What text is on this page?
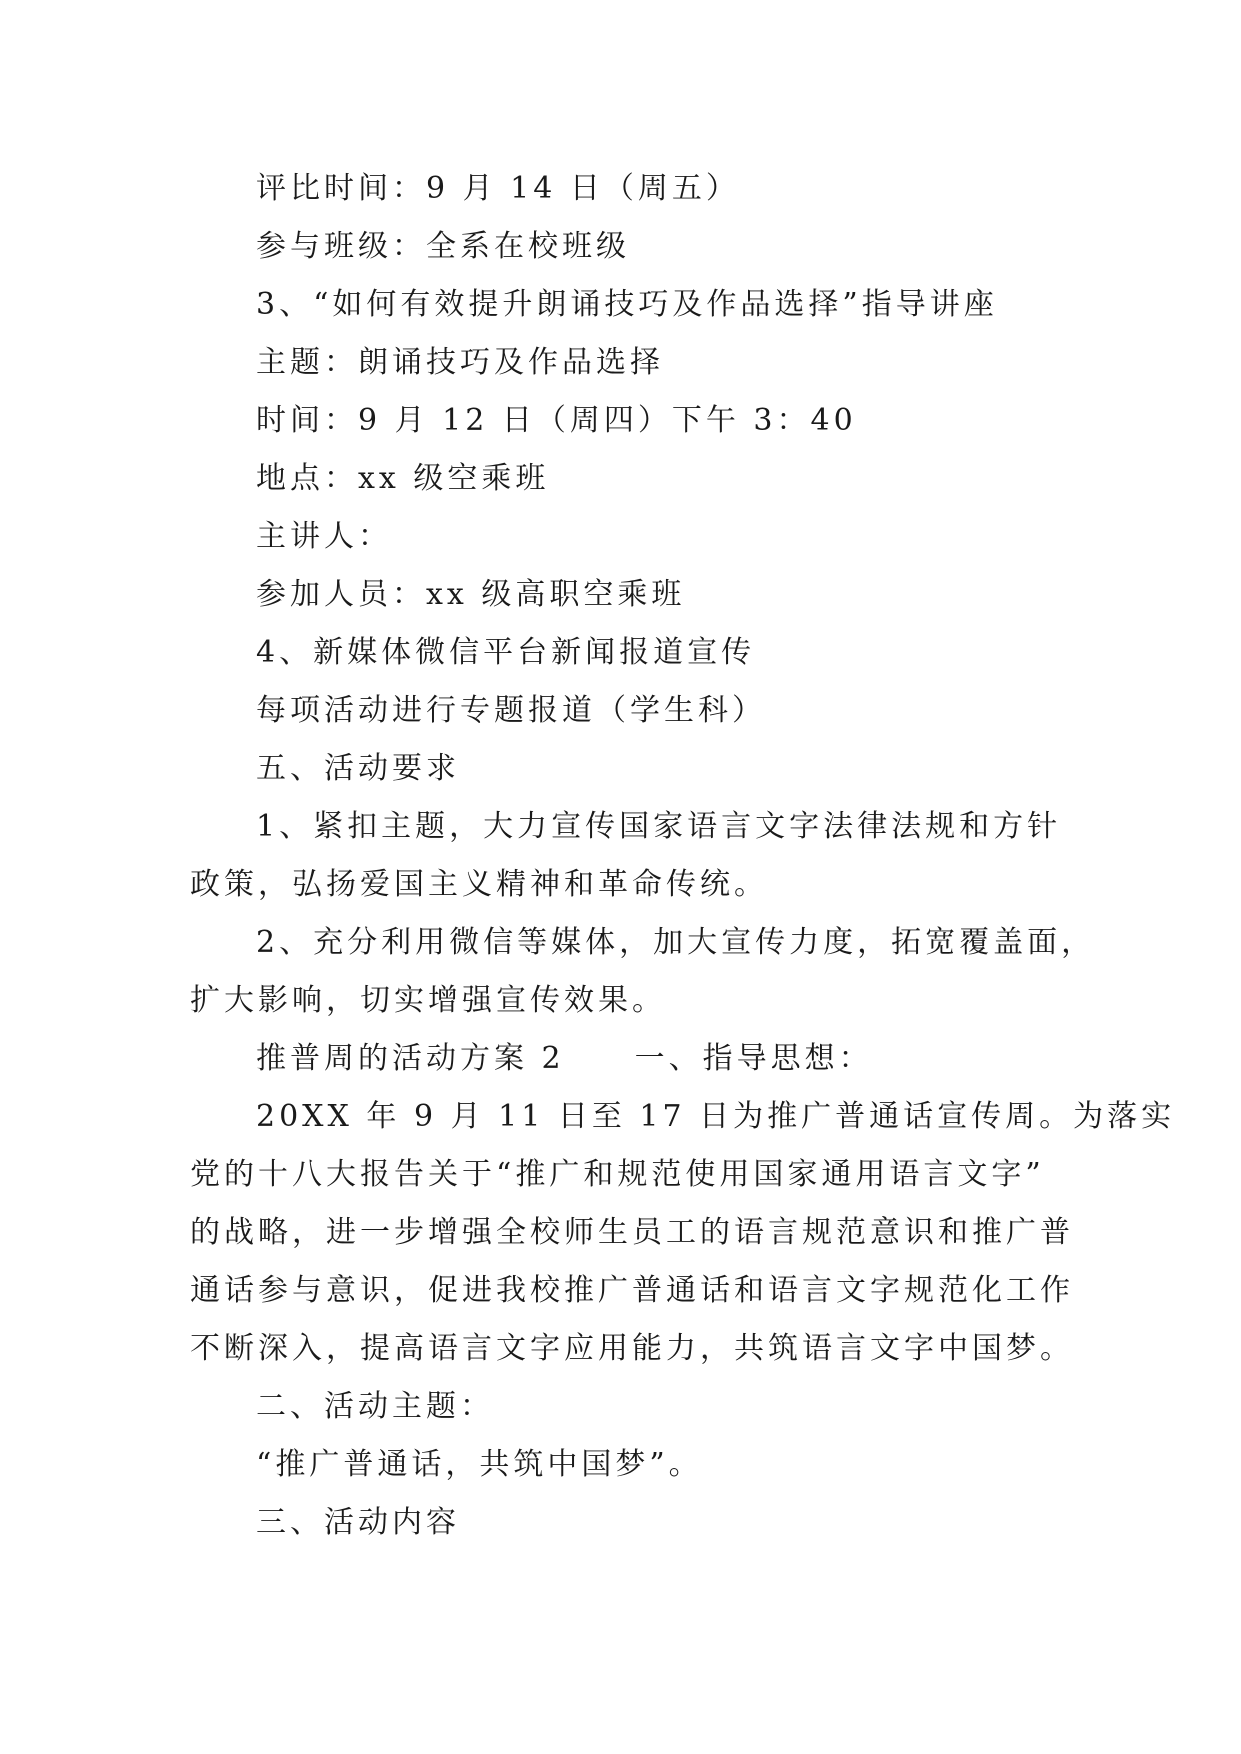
评比时间：9 月 14 日（周五）
参与班级：全系在校班级
3、“如何有效提升朗诵技巧及作品选择”指导讲座
主题：朗诵技巧及作品选择
时间：9 月 12 日（周四）下午 3：40
地点：xx 级空乘班
主讲人：
参加人员：xx 级高职空乘班
4、新媒体微信平台新闻报道宣传
每项活动进行专题报道（学生科）
五、活动要求
1、紧扣主题，大力宣传国家语言文字法律法规和方针
政策，弘扬爱国主义精神和革命传统。
2、充分利用微信等媒体，加大宣传力度，拓宽覆盖面，
扩大影响，切实增强宣传效果。
推普周的活动方案 2 一、指导思想：
20XX 年 9 月 11 日至 17 日为推广普通话宣传周。为落实
党的十八大报告关于“推广和规范使用国家通用语言文字”
的战略，进一步增强全校师生员工的语言规范意识和推广普
通话参与意识，促进我校推广普通话和语言文字规范化工作
不断深入，提高语言文字应用能力，共筑语言文字中国梦。
二、活动主题：
“推广普通话，共筑中国梦”。
三、活动内容
